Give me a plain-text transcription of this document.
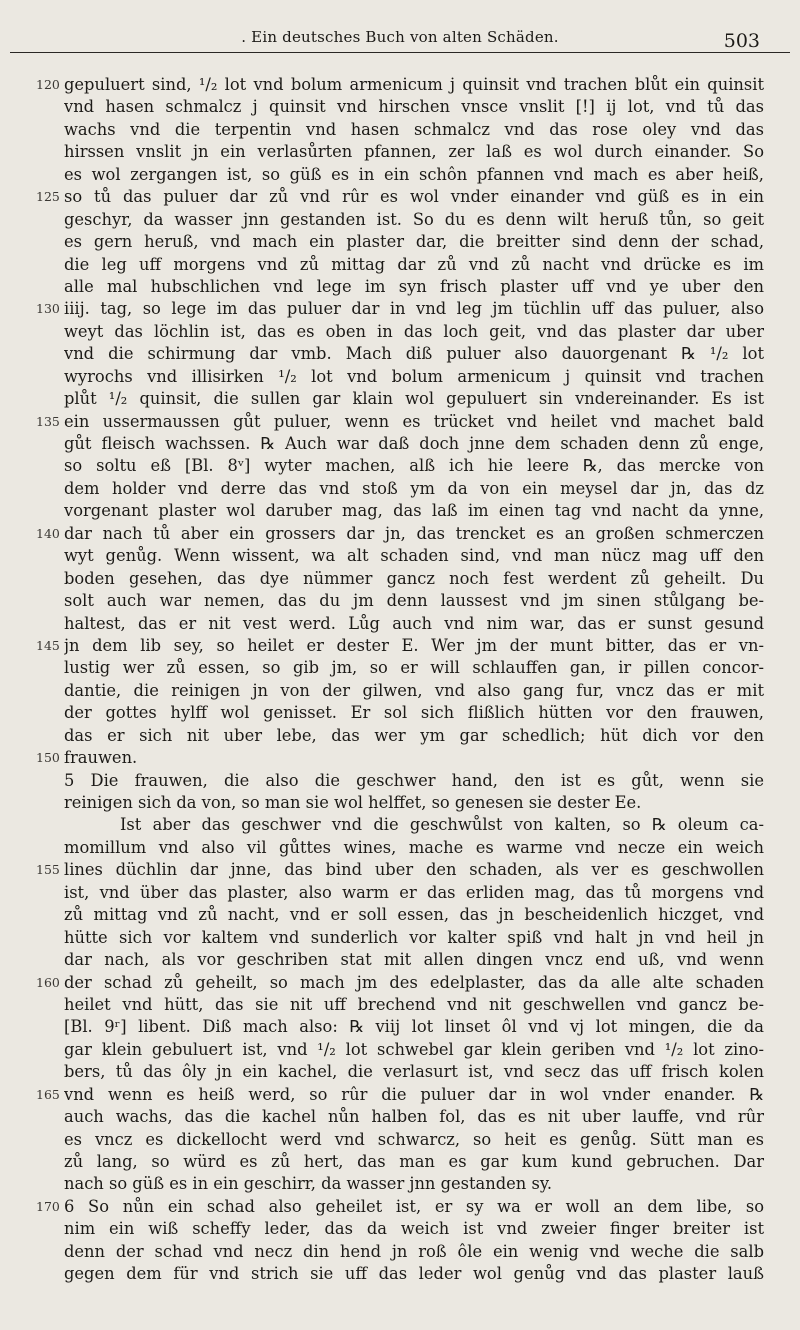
. Ein deutsches Buch von alten Schäden.	503
120 gepuluert sind, ¹/₂ lot vnd bolum armenicum j quinsit vnd trachen blůt ein quinsit
vnd hasen schmalcz j quinsit vnd hirschen vnsce vnslit [!] ij lot, vnd tů das
wachs vnd die terpentin vnd hasen schmalcz vnd das rose oley vnd das
hirssen vnslit jn ein verlasůrten pfannen, zer laß es wol durch einander. So
es wol zergangen ist, so güß es in ein schôn pfannen vnd mach es aber heiß,
125 so tů das puluer dar zů vnd rûr es wol vnder einander vnd güß es in ein
geschyr, da wasser jnn gestanden ist. So du es denn wilt heruß tůn, so geit
es gern heruß, vnd mach ein plaster dar, die breitter sind denn der schad,
die leg uff morgens vnd zů mittag dar zů vnd zů nacht vnd drücke es im
alle mal hubschlichen vnd lege im syn frisch plaster uff vnd ye uber den
130 iiij. tag, so lege im das puluer dar in vnd leg jm tüchlin uff das puluer, also
weyt das löchlin ist, das es oben in das loch geit, vnd das plaster dar uber
vnd die schirmung dar vmb. Mach diß puluer also dauorgenant ℞ ¹/₂ lot
wyrochs vnd illisirken ¹/₂ lot vnd bolum armenicum j quinsit vnd trachen
plůt ¹/₂ quinsit, die sullen gar klain wol gepuluert sin vndereinander. Es ist
135 ein ussermaussen gůt puluer, wenn es trücket vnd heilet vnd machet bald
gůt fleisch wachssen. ℞ Auch war daß doch jnne dem schaden denn zů enge,
so soltu eß [Bl. 8ᵛ] wyter machen, alß ich hie leere ℞, das mercke von
dem holder vnd derre das vnd stoß ym da von ein meysel dar jn, das dz
vorgenant plaster wol daruber mag, das laß im einen tag vnd nacht da ynne,
140 dar nach tů aber ein grossers dar jn, das trencket es an großen schmerczen
wyt genůg. Wenn wissent, wa alt schaden sind, vnd man nücz mag uff den
boden gesehen, das dye nümmer gancz noch fest werdent zů geheilt. Du
solt auch war nemen, das du jm denn laussest vnd jm sinen stůlgang be-
haltest, das er nit vest werd. Lůg auch vnd nim war, das er sunst gesund
145 jn dem lib sey, so heilet er dester E. Wer jm der munt bitter, das er vn-
lustig wer zů essen, so gib jm, so er will schlauffen gan, ir pillen concor-
dantie, die reinigen jn von der gilwen, vnd also gang fur, vncz das er mit
der gottes hylff wol genisset. Er sol sich flißlich hütten vor den frauwen,
das er sich nit uber lebe, das wer ym gar schedlich; hüt dich vor den
150 frauwen.
5 Die frauwen, die also die geschwer hand, den ist es gůt, wenn sie
reinigen sich da von, so man sie wol helffet, so genesen sie dester Ee.
Ist aber das geschwer vnd die geschwůlst von kalten, so ℞ oleum ca-
momillum vnd also vil gůttes wines, mache es warme vnd necze ein weich
155 lines düchlin dar jnne, das bind uber den schaden, als ver es geschwollen
ist, vnd über das plaster, also warm er das erliden mag, das tů morgens vnd
zů mittag vnd zů nacht, vnd er soll essen, das jn bescheidenlich hiczget, vnd
hütte sich vor kaltem vnd sunderlich vor kalter spiß vnd halt jn vnd heil jn
dar nach, als vor geschriben stat mit allen dingen vncz end uß, vnd wenn
160 der schad zů geheilt, so mach jm des edelplaster, das da alle alte schaden
heilet vnd hütt, das sie nit uff brechend vnd nit geschwellen vnd gancz be-
[Bl. 9ʳ] libent. Diß mach also: ℞ viij lot linset ôl vnd vj lot mingen, die da
gar klein gebuluert ist, vnd ¹/₂ lot schwebel gar klein geriben vnd ¹/₂ lot zino-
bers, tů das ôly jn ein kachel, die verlasurt ist, vnd secz das uff frisch kolen
165 vnd wenn es heiß werd, so rûr die puluer dar in wol vnder enander. ℞
auch wachs, das die kachel nůn halben fol, das es nit uber lauffe, vnd rûr
es vncz es dickellocht werd vnd schwarcz, so heit es genůg. Sütt man es
zů lang, so würd es zů hert, das man es gar kum kund gebruchen. Dar
nach so güß es in ein geschirr, da wasser jnn gestanden sy.
170 6 So nůn ein schad also geheilet ist, er sy wa er woll an dem libe, so
nim ein wiß scheffy leder, das da weich ist vnd zweier finger breiter ist
denn der schad vnd necz din hend jn roß ôle ein wenig vnd weche die salb
gegen dem für vnd strich sie uff das leder wol genůg vnd das plaster lauß
